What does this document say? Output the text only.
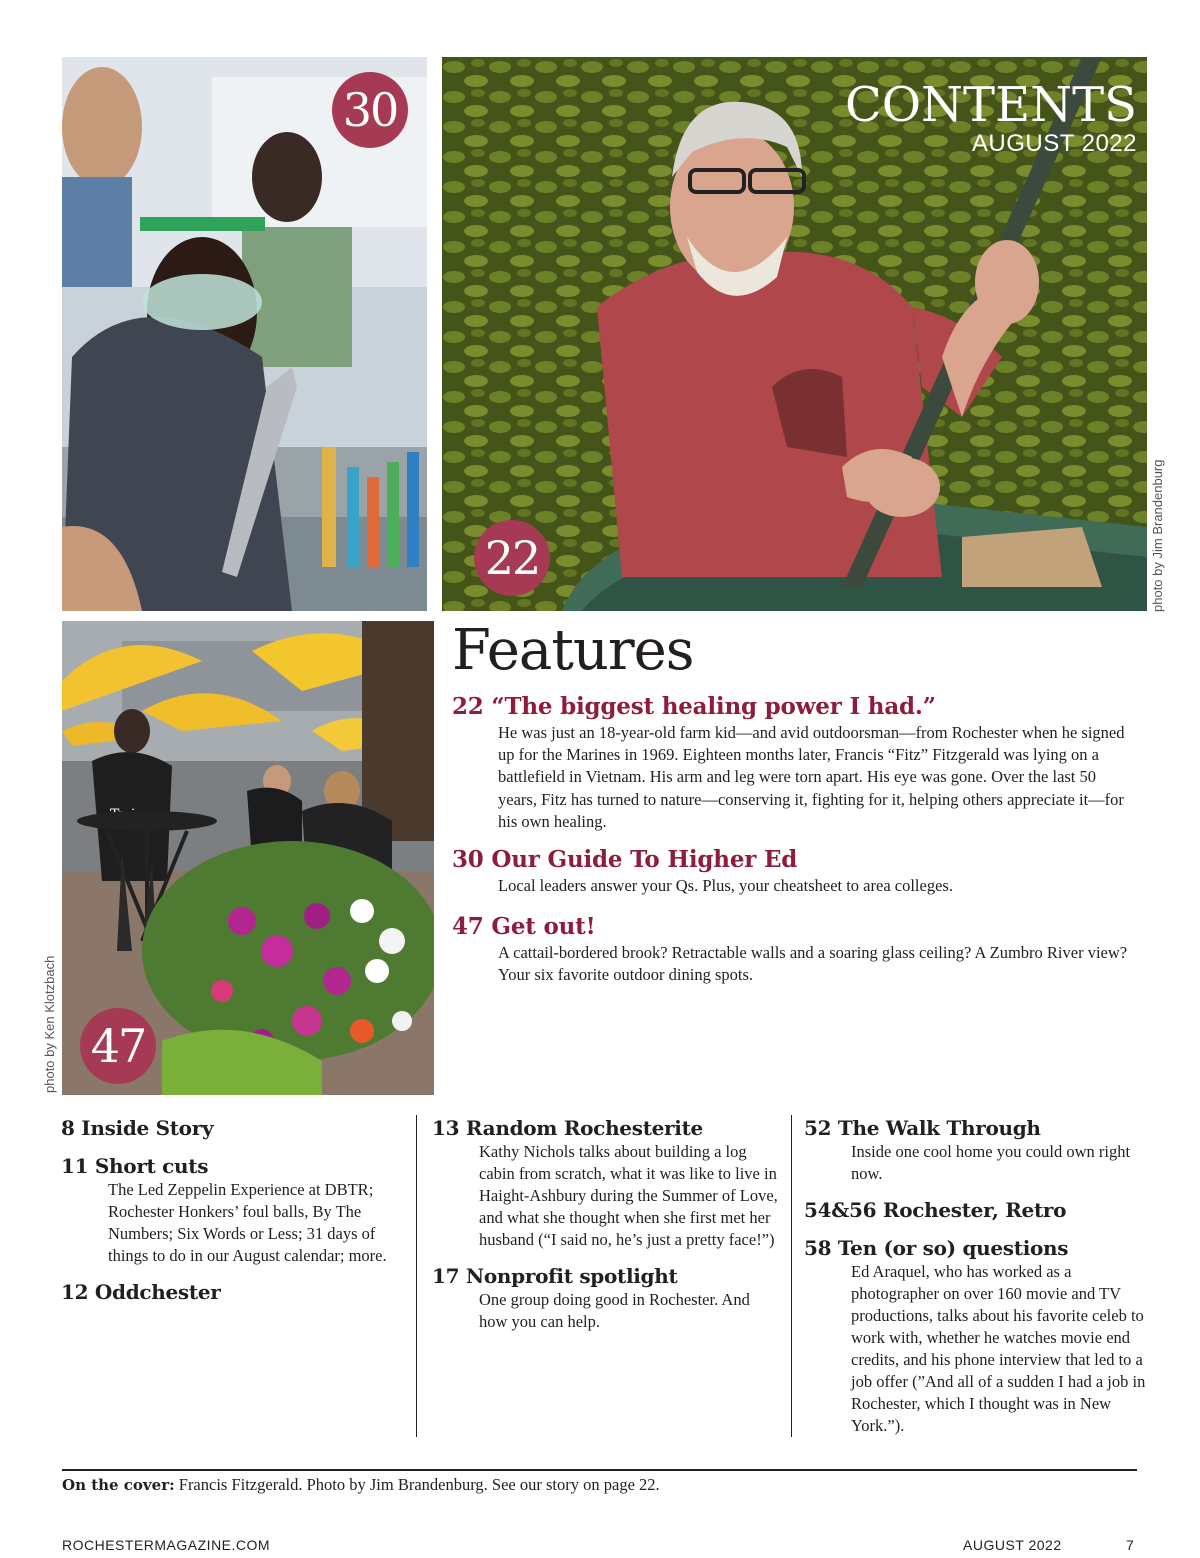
30	CONTENTS
AUGUST 2022
22	photo by Jim Brandenburg
47
photo by Ken Klotzbach
Features
22 “The biggest healing power I had.”
He was just an 18-year-old farm kid—and avid outdoorsman—from Rochester when he signed up for the Marines in 1969. Eighteen months later, Francis “Fitz” Fitzgerald was lying on a battlefield in Vietnam. His arm and leg were torn apart. His eye was gone. Over the last 50 years, Fitz has turned to nature—conserving it, fighting for it, helping others appreciate it—for his own healing.
30 Our Guide To Higher Ed
Local leaders answer your Qs. Plus, your cheatsheet to area colleges.
47 Get out!
A cattail-bordered brook? Retractable walls and a soaring glass ceiling? A Zumbro River view? Your six favorite outdoor dining spots.
8 Inside Story
11 Short cuts
The Led Zeppelin Experience at DBTR; Rochester Honkers’ foul balls, By The Numbers; Six Words or Less; 31 days of things to do in our August calendar; more.
12 Oddchester
13 Random Rochesterite
Kathy Nichols talks about building a log cabin from scratch, what it was like to live in Haight-Ashbury during the Summer of Love, and what she thought when she first met her husband (“I said no, he’s just a pretty face!”)
17 Nonprofit spotlight
One group doing good in Rochester. And how you can help.
52 The Walk Through
Inside one cool home you could own right now.
54&56 Rochester, Retro
58 Ten (or so) questions
Ed Araquel, who has worked as a photographer on over 160 movie and TV productions, talks about his favorite celeb to work with, whether he watches movie end credits, and his phone interview that led to a job offer (”And all of a sudden I had a job in Rochester, which I thought was in New York.”).
On the cover: Francis Fitzgerald. Photo by Jim Brandenburg. See our story on page 22.
ROCHESTERMAGAZINE.COM	AUGUST 2022	7
